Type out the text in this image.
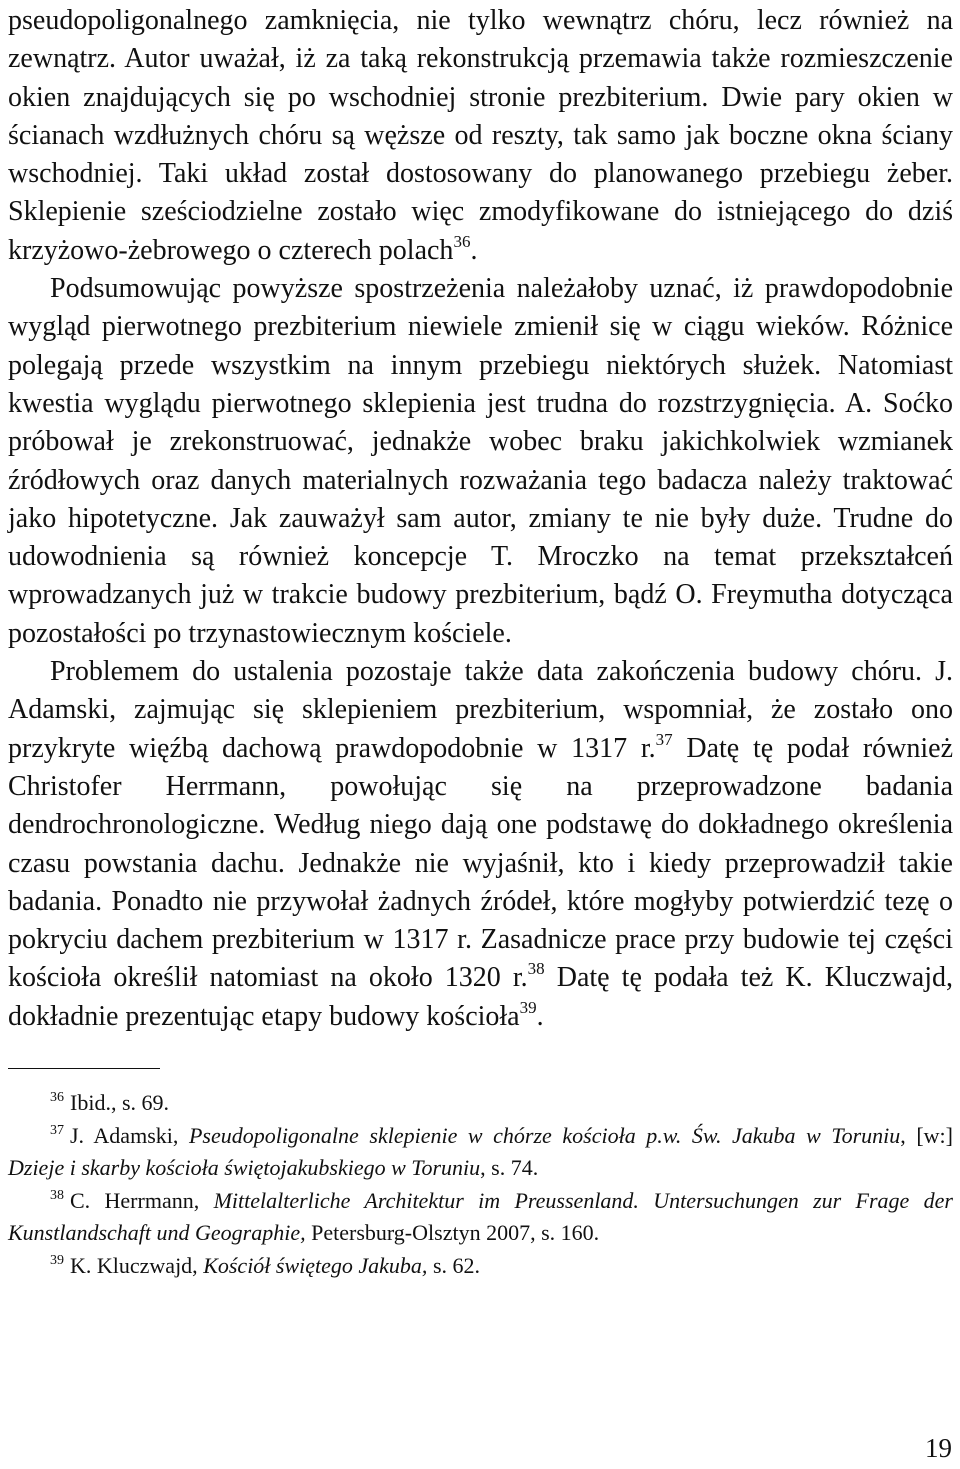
pseudopoligonalnego zamknięcia, nie tylko wewnątrz chóru, lecz również na zewnątrz. Autor uważał, iż za taką rekonstrukcją przemawia także rozmieszczenie okien znajdujących się po wschodniej stronie prezbiterium. Dwie pary okien w ścianach wzdłużnych chóru są węższe od reszty, tak samo jak boczne okna ściany wschodniej. Taki układ został dostosowany do planowanego przebiegu żeber. Sklepienie sześciodzielne zostało więc zmodyfikowane do istniejącego do dziś krzyżowo-żebrowego o czterech polach$^{36}$.

Podsumowując powyższe spostrzeżenia należałoby uznać, iż prawdopodobnie wygląd pierwotnego prezbiterium niewiele zmienił się w ciągu wieków. Różnice polegają przede wszystkim na innym przebiegu niektórych służek. Natomiast kwestia wyglądu pierwotnego sklepienia jest trudna do rozstrzygnięcia. A. Soćko próbował je zrekonstruować, jednakże wobec braku jakichkolwiek wzmianek źródłowych oraz danych materialnych rozważania tego badacza należy traktować jako hipotetyczne. Jak zauważył sam autor, zmiany te nie były duże. Trudne do udowodnienia są również koncepcje T. Mroczko na temat przekształceń wprowadzanych już w trakcie budowy prezbiterium, bądź O. Freymutha dotycząca pozostałości po trzynastowiecznym kościele.

Problemem do ustalenia pozostaje także data zakończenia budowy chóru. J. Adamski, zajmując się sklepieniem prezbiterium, wspomniał, że zostało ono przykryte więźbą dachową prawdopodobnie w 1317 r.$^{37}$ Datę tę podał również Christofer Herrmann, powołując się na przeprowadzone badania dendrochronologiczne. Według niego dają one podstawę do dokładnego określenia czasu powstania dachu. Jednakże nie wyjaśnił, kto i kiedy przeprowadził takie badania. Ponadto nie przywołał żadnych źródeł, które mogłyby potwierdzić tezę o pokryciu dachem prezbiterium w 1317 r. Zasadnicze prace przy budowie tej części kościoła określił natomiast na około 1320 r.$^{38}$ Datę tę podała też K. Kluczwajd, dokładnie prezentując etapy budowy kościoła$^{39}$.

$^{36}$ Ibid., s. 69.

$^{37}$ J. Adamski, Pseudopoligonalne sklepienie w chórze kościoła p.w. Św. Jakuba w Toruniu, [w:] Dzieje i skarby kościoła świętojakubskiego w Toruniu, s. 74.

$^{38}$ C. Herrmann, Mittelalterliche Architektur im Preussenland. Untersuchungen zur Frage der Kunstlandschaft und Geographie, Petersburg-Olsztyn 2007, s. 160.

$^{39}$ K. Kluczwajd, Kościół świętego Jakuba, s. 62.

19
